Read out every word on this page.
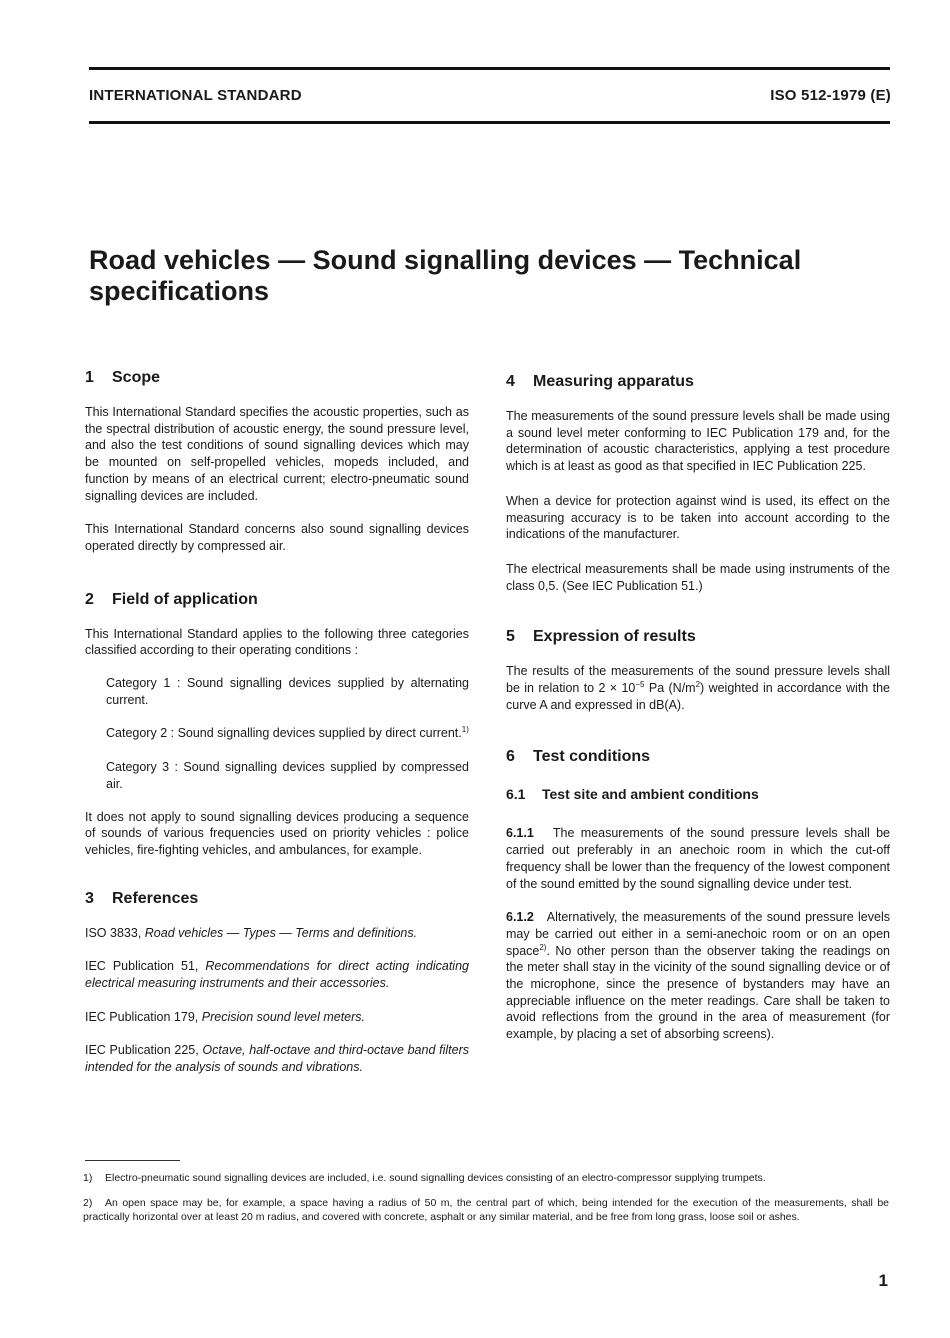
INTERNATIONAL STANDARD	ISO 512-1979 (E)
Road vehicles — Sound signalling devices — Technical specifications
1 Scope

This International Standard specifies the acoustic properties, such as the spectral distribution of acoustic energy, the sound pressure level, and also the test conditions of sound signalling devices which may be mounted on self-propelled vehicles, mopeds included, and function by means of an electrical current; electro-pneumatic sound signalling devices are included.

This International Standard concerns also sound signalling devices operated directly by compressed air.

2 Field of application

This International Standard applies to the following three categories classified according to their operating conditions :

Category 1 : Sound signalling devices supplied by alternating current.

Category 2 : Sound signalling devices supplied by direct current.$^{1)}$

Category 3 : Sound signalling devices supplied by compressed air.

It does not apply to sound signalling devices producing a sequence of sounds of various frequencies used on priority vehicles : police vehicles, fire-fighting vehicles, and ambulances, for example.

3 References

ISO 3833, Road vehicles — Types — Terms and definitions.

IEC Publication 51, Recommendations for direct acting indicating electrical measuring instruments and their accessories.

IEC Publication 179, Precision sound level meters.

IEC Publication 225, Octave, half-octave and third-octave band filters intended for the analysis of sounds and vibrations.

4 Measuring apparatus

The measurements of the sound pressure levels shall be made using a sound level meter conforming to IEC Publication 179 and, for the determination of acoustic characteristics, applying a test procedure which is at least as good as that specified in IEC Publication 225.

When a device for protection against wind is used, its effect on the measuring accuracy is to be taken into account according to the indications of the manufacturer.

The electrical measurements shall be made using instruments of the class 0,5. (See IEC Publication 51.)

5 Expression of results

The results of the measurements of the sound pressure levels shall be in relation to $2 \times 10^{-5}$ Pa $(N/m^2)$ weighted in accordance with the curve A and expressed in dB(A).

6 Test conditions
6.1 Test site and ambient conditions

6.1.1 The measurements of the sound pressure levels shall be carried out preferably in an anechoic room in which the cut-off frequency shall be lower than the frequency of the lowest component of the sound emitted by the sound signalling device under test.

6.1.2 Alternatively, the measurements of the sound pressure levels may be carried out either in a semi-anechoic room or on an open space$^{2)}$. No other person than the observer taking the readings on the meter shall stay in the vicinity of the sound signalling device or of the microphone, since the presence of bystanders may have an appreciable influence on the meter readings. Care shall be taken to avoid reflections from the ground in the area of measurement (for example, by placing a set of absorbing screens).

1) Electro-pneumatic sound signalling devices are included, i.e. sound signalling devices consisting of an electro-compressor supplying trumpets.
2) An open space may be, for example, a space having a radius of 50 m, the central part of which, being intended for the execution of the measurements, shall be practically horizontal over at least 20 m radius, and covered with concrete, asphalt or any similar material, and be free from long grass, loose soil or ashes.
1
